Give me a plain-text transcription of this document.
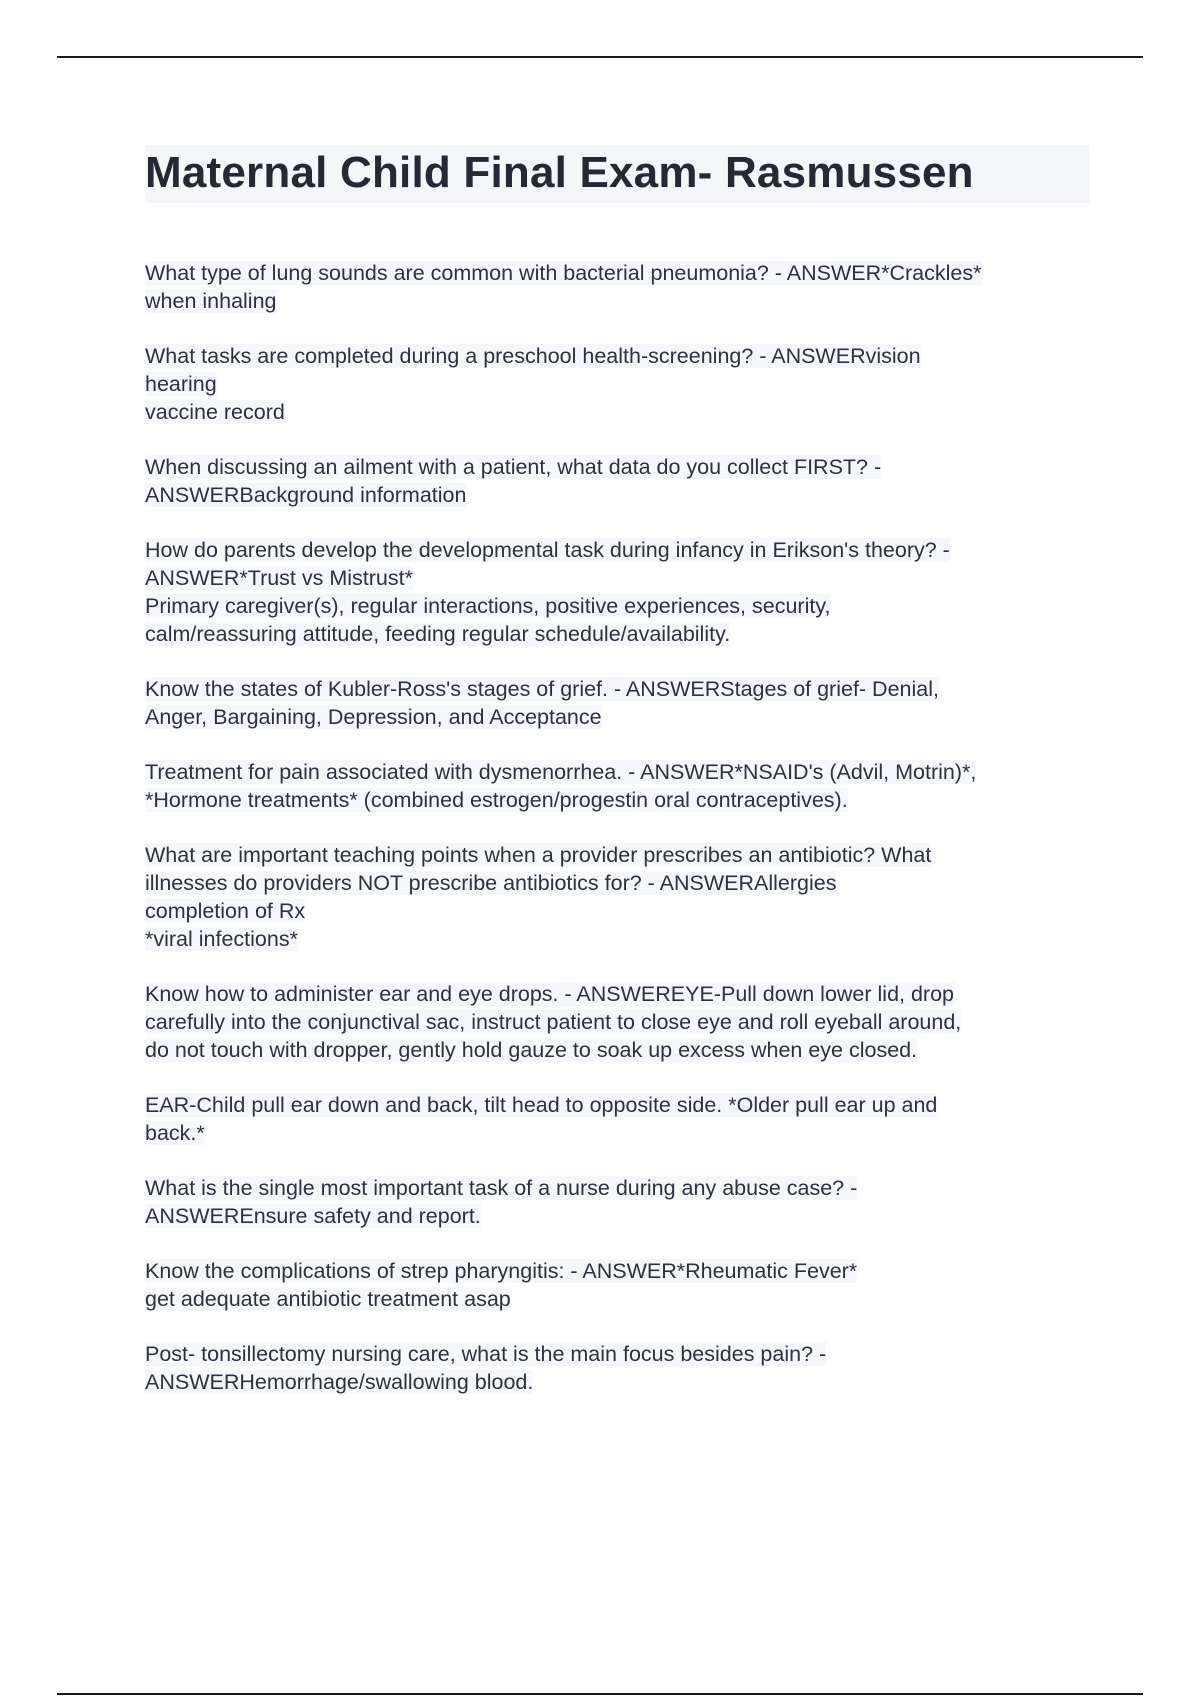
Maternal Child Final Exam- Rasmussen
What type of lung sounds are common with bacterial pneumonia? - ANSWER*Crackles*
when inhaling
What tasks are completed during a preschool health-screening? - ANSWERvision
hearing
vaccine record
When discussing an ailment with a patient, what data do you collect FIRST? -
ANSWERBackground information
How do parents develop the developmental task during infancy in Erikson's theory? -
ANSWER*Trust vs Mistrust*
Primary caregiver(s), regular interactions, positive experiences, security,
calm/reassuring attitude, feeding regular schedule/availability.
Know the states of Kubler-Ross's stages of grief. - ANSWERStages of grief- Denial,
Anger, Bargaining, Depression, and Acceptance
Treatment for pain associated with dysmenorrhea. - ANSWER*NSAID's (Advil, Motrin)*,
*Hormone treatments* (combined estrogen/progestin oral contraceptives).
What are important teaching points when a provider prescribes an antibiotic? What
illnesses do providers NOT prescribe antibiotics for? - ANSWERAllergies
completion of Rx
*viral infections*
Know how to administer ear and eye drops. - ANSWEREYE-Pull down lower lid, drop
carefully into the conjunctival sac, instruct patient to close eye and roll eyeball around,
do not touch with dropper, gently hold gauze to soak up excess when eye closed.
EAR-Child pull ear down and back, tilt head to opposite side. *Older pull ear up and
back.*
What is the single most important task of a nurse during any abuse case? -
ANSWEREnsure safety and report.
Know the complications of strep pharyngitis: - ANSWER*Rheumatic Fever*
get adequate antibiotic treatment asap
Post- tonsillectomy nursing care, what is the main focus besides pain? -
ANSWERHemorrhage/swallowing blood.
